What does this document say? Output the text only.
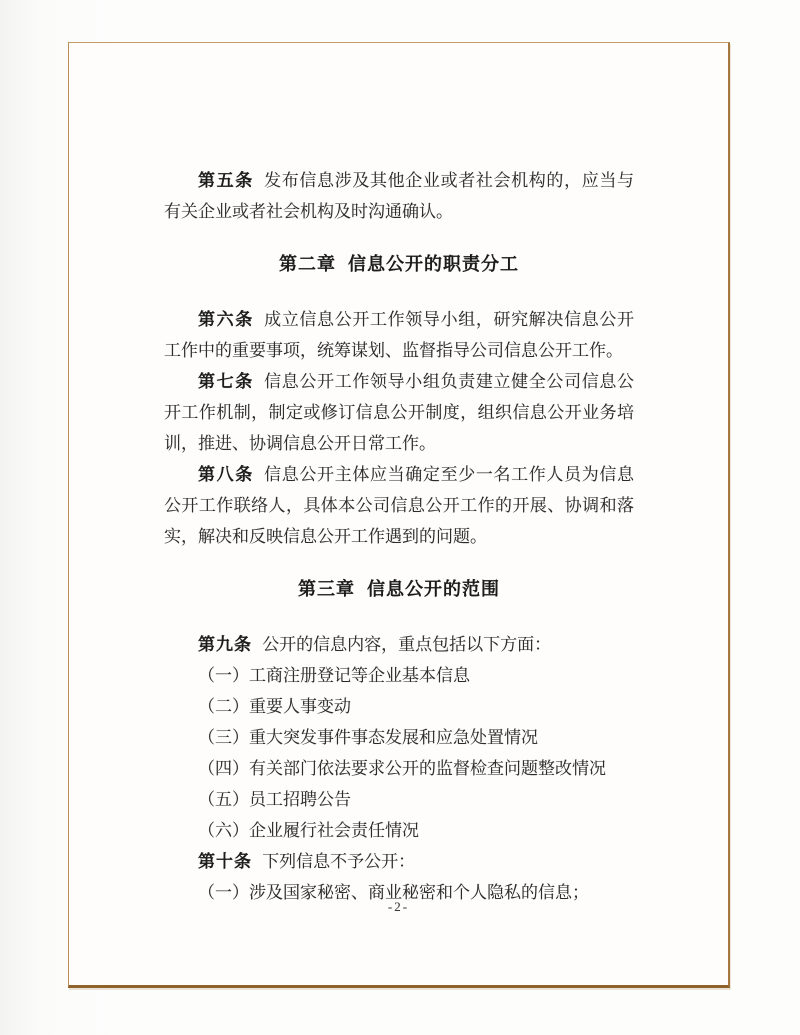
第五条 发布信息涉及其他企业或者社会机构的，应当与有关企业或者社会机构及时沟通确认。

第二章 信息公开的职责分工

第六条 成立信息公开工作领导小组，研究解决信息公开工作中的重要事项，统筹谋划、监督指导公司信息公开工作。

第七条 信息公开工作领导小组负责建立健全公司信息公开工作机制，制定或修订信息公开制度，组织信息公开业务培训，推进、协调信息公开日常工作。

第八条 信息公开主体应当确定至少一名工作人员为信息公开工作联络人，具体本公司信息公开工作的开展、协调和落实，解决和反映信息公开工作遇到的问题。

第三章 信息公开的范围

第九条 公开的信息内容，重点包括以下方面：

（一）工商注册登记等企业基本信息

（二）重要人事变动

（三）重大突发事件事态发展和应急处置情况

（四）有关部门依法要求公开的监督检查问题整改情况

（五）员工招聘公告

（六）企业履行社会责任情况

第十条 下列信息不予公开：

（一）涉及国家秘密、商业秘密和个人隐私的信息；

-2-
